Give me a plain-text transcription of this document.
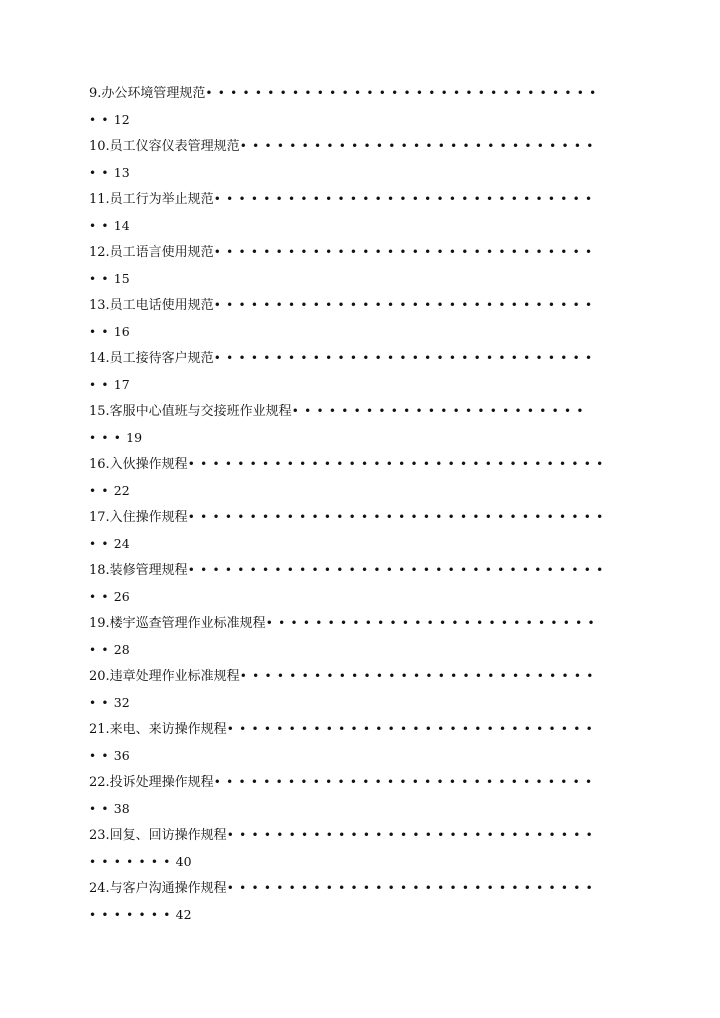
9.办公环境管理规范••••••••••••••••••••••••••••••••
••12
10.员工仪容仪表管理规范•••••••••••••••••••••••••••••
••13
11.员工行为举止规范•••••••••••••••••••••••••••••••
••14
12.员工语言使用规范•••••••••••••••••••••••••••••••
••15
13.员工电话使用规范•••••••••••••••••••••••••••••••
••16
14.员工接待客户规范•••••••••••••••••••••••••••••••
••17
15.客服中心值班与交接班作业规程••••••••••••••••••••••••
•••19
16.入伙操作规程••••••••••••••••••••••••••••••••••
••22
17.入住操作规程••••••••••••••••••••••••••••••••••
••24
18.装修管理规程••••••••••••••••••••••••••••••••••
••26
19.楼宇巡查管理作业标准规程•••••••••••••••••••••••••••
••28
20.违章处理作业标准规程•••••••••••••••••••••••••••••
••32
21.来电、来访操作规程••••••••••••••••••••••••••••••
••36
22.投诉处理操作规程•••••••••••••••••••••••••••••••
••38
23.回复、回访操作规程••••••••••••••••••••••••••••••
•••••••40
24.与客户沟通操作规程••••••••••••••••••••••••••••••
•••••••42
